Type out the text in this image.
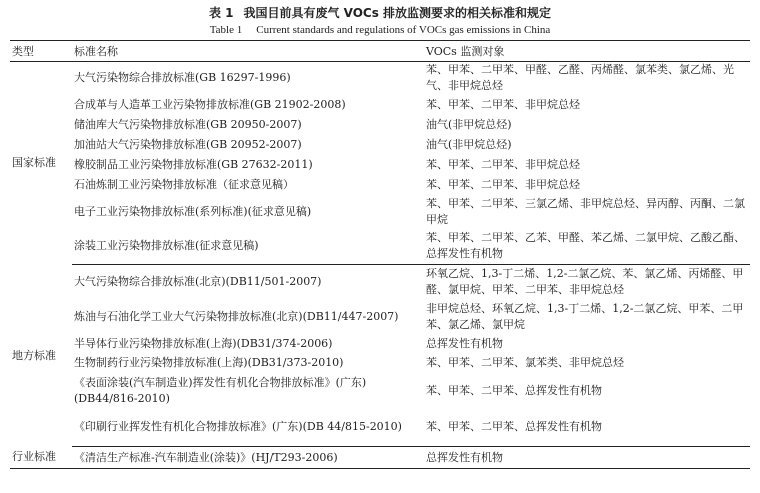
表 1 我国目前具有废气 VOCs 排放监测要求的相关标准和规定
Table 1 Current standards and regulations of VOCs gas emissions in China
类型	标准名称	VOCs 监测对象
国家标准	大气污染物综合排放标准(GB 16297-1996)	苯、甲苯、二甲苯、甲醛、乙醛、丙烯醛、氯苯类、氯乙烯、光气、非甲烷总烃
	合成革与人造革工业污染物排放标准(GB 21902-2008)	苯、甲苯、二甲苯、非甲烷总烃
	储油库大气污染物排放标准(GB 20950-2007)	油气(非甲烷总烃)
	加油站大气污染物排放标准(GB 20952-2007)	油气(非甲烷总烃)
	橡胶制品工业污染物排放标准(GB 27632-2011)	苯、甲苯、二甲苯、非甲烷总烃
	石油炼制工业污染物排放标准（征求意见稿）	苯、甲苯、二甲苯、非甲烷总烃
	电子工业污染物排放标准(系列标准)(征求意见稿)	苯、甲苯、二甲苯、三氯乙烯、非甲烷总烃、异丙醇、丙酮、二氯甲烷
	涂装工业污染物排放标准(征求意见稿)	苯、甲苯、二甲苯、乙苯、甲醛、苯乙烯、二氯甲烷、乙酸乙酯、总挥发性有机物
地方标准	大气污染物综合排放标准(北京)(DB11/501-2007)	环氧乙烷、1,3-丁二烯、1,2-二氯乙烷、苯、氯乙烯、丙烯醛、甲醛、氯甲烷、甲苯、二甲苯、非甲烷总烃
	炼油与石油化学工业大气污染物排放标准(北京)(DB11/447-2007)	非甲烷总烃、环氧乙烷、1,3-丁二烯、1,2-二氯乙烷、甲苯、二甲苯、氯乙烯、氯甲烷
	半导体行业污染物排放标准(上海)(DB31/374-2006)	总挥发性有机物
	生物制药行业污染物排放标准(上海)(DB31/373-2010)	苯、甲苯、二甲苯、氯苯类、非甲烷总烃
	《表面涂装(汽车制造业)挥发性有机化合物排放标准》(广东)(DB44/816-2010)	苯、甲苯、二甲苯、总挥发性有机物
	《印刷行业挥发性有机化合物排放标准》(广东)(DB 44/815-2010)	苯、甲苯、二甲苯、总挥发性有机物
行业标准	《清洁生产标准-汽车制造业(涂装)》(HJ/T293-2006)	总挥发性有机物
